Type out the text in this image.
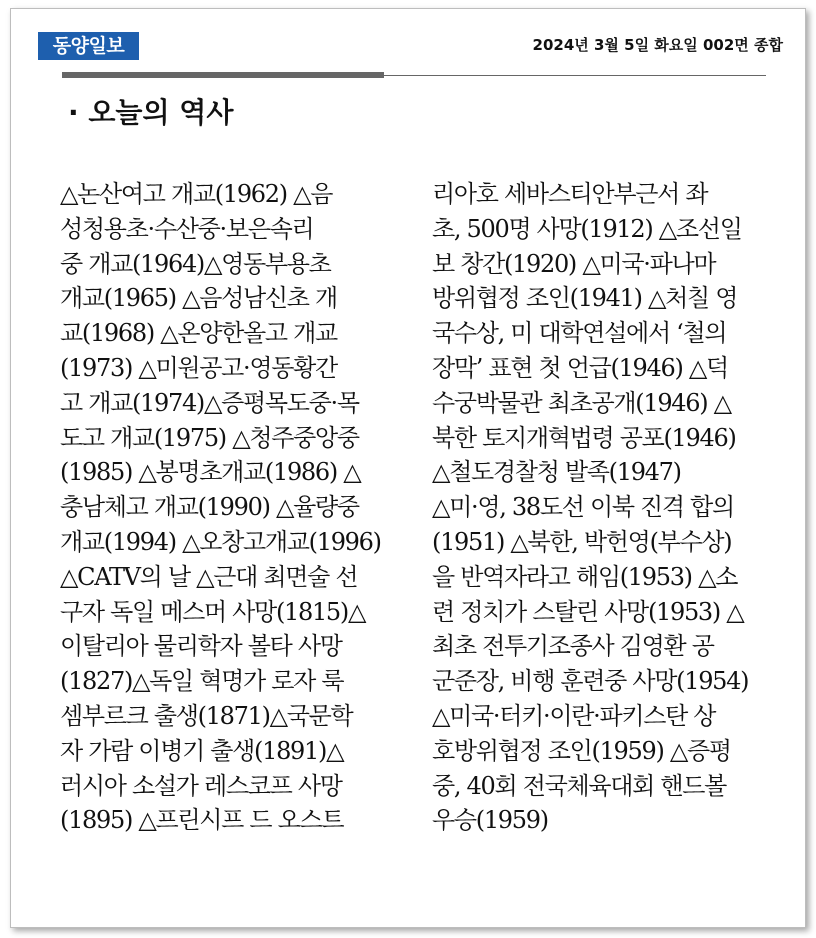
동양일보	2024년 3월 5일 화요일 002면 종합
· 오늘의 역사
△논산여고 개교(1962) △음
성청용초·수산중·보은속리
중 개교(1964)△영동부용초
개교(1965) △음성남신초 개
교(1968) △온양한올고 개교
(1973) △미원공고·영동황간
고 개교(1974)△증평목도중·목
도고 개교(1975) △청주중앙중
(1985) △봉명초개교(1986) △
충남체고 개교(1990) △율량중
개교(1994) △오창고개교(1996)
△CATV의 날 △근대 최면술 선
구자 독일 메스머 사망(1815)△
이탈리아 물리학자 볼타 사망
(1827)△독일 혁명가 로자 룩
셈부르크 출생(1871)△국문학
자 가람 이병기 출생(1891)△
러시아 소설가 레스코프 사망
(1895) △프린시프 드 오스트
리아호 세바스티안부근서 좌
초, 500명 사망(1912) △조선일
보 창간(1920) △미국·파나마
방위협정 조인(1941) △처칠 영
국수상, 미 대학연설에서 ‘철의
장막’ 표현 첫 언급(1946) △덕
수궁박물관 최초공개(1946) △
북한 토지개혁법령 공포(1946)
△철도경찰청 발족(1947)
△미·영, 38도선 이북 진격 합의
(1951) △북한, 박헌영(부수상)
을 반역자라고 해임(1953) △소
련 정치가 스탈린 사망(1953) △
최초 전투기조종사 김영환 공
군준장, 비행 훈련중 사망(1954)
△미국·터키·이란·파키스탄 상
호방위협정 조인(1959) △증평
중, 40회 전국체육대회 핸드볼
우승(1959)
